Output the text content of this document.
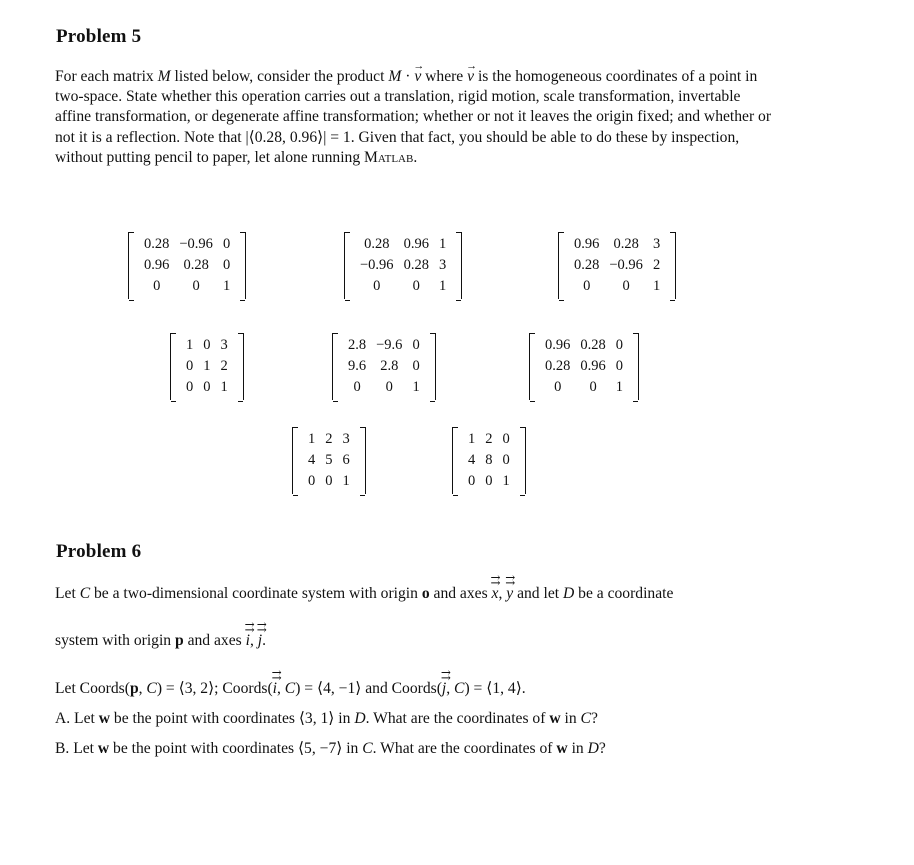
Problem 5
For each matrix M listed below, consider the product M · → v where → v is the homogeneous coordinates of a point in two-space. State whether this operation carries out a translation, rigid motion, scale transformation, invertable affine transformation, or degenerate affine transformation; whether or not it leaves the origin fixed; and whether or not it is a reflection. Note that |⟨0.28, 0.96⟩| = 1. Given that fact, you should be able to do these by inspection, without putting pencil to paper, let alone running Matlab.
0.28	−0.96	0
0.96	0.28	0
0	0	1
0.28	0.96	1
−0.96	0.28	3
0	0	1
0.96	0.28	3
0.28	−0.96	2
0	0	1
1	0	3
0	1	2
0	0	1
2.8	−9.6	0
9.6	2.8	0
0	0	1
0.96	0.28	0
0.28	0.96	0
0	0	1
1	2	3
4	5	6
0	0	1
1	2	0
4	8	0
0	0	1
Problem 6
Let C be a two-dimensional coordinate system with origin o and axes ⇉ x, ⇉ y and let D be a coordinate
system with origin p and axes ⇉ i, ⇉ j.
Let Coords(p, C) = ⟨3, 2⟩; Coords(⇉ i, C) = ⟨4, −1⟩ and Coords(⇉ j, C) = ⟨1, 4⟩.
A. Let w be the point with coordinates ⟨3, 1⟩ in D. What are the coordinates of w in C?
B. Let w be the point with coordinates ⟨5, −7⟩ in C. What are the coordinates of w in D?
